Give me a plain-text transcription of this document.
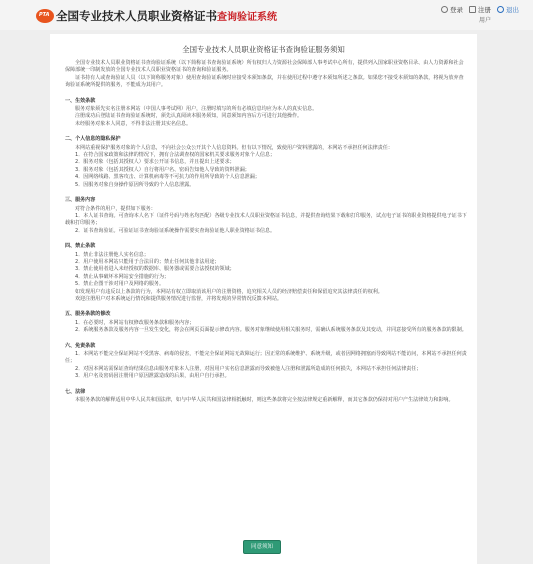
PTA 全国专业技术人员职业资格证书查询验证系统
登录 注册 退出
用户
全国专业技术人员职业资格证书查询验证服务须知

全国专业技术人员职业资格证书查询验证系统（以下简称证书查询验证系统）所有权归人力资源社会保障部人事考试中心所有，提供列入国家职业资格目录、由人力资源和社会保障部统一印制发放的全国专业技术人员职业资格证书的查询和验证服务。

证书持有人或查询验证人员（以下简称服务对象）使用查询验证系统时应接受本须知条款，并在使用过程中遵守本须知所述之条款。如果您不接受本须知的条款，将视为放弃查询验证系统所提供的服务，不能成为其用户。

一、生效条款

服务对象须先实名注册本网站（中国人事考试网）用户，注册时填写的所有必填信息均应为本人的真实信息。

注册成功后登陆证书查询验证系统时，须先认真阅读本服务须知，同意须知内容后方可进行其他操作。

未经服务对象本人同意，不得非法注册其实名信息。

二、个人信息的隐私保护

本网站重视保护服务对象的个人信息，不向社会公众公开其个人信息资料。但有以下情况，致使用户资料泄露的，本网站不承担任何法律责任：

1．在符合国家政策和法律的情况下，拥有合法调查权的国家机关要求服务对象个人信息；

2．服务对象（包括其授权人）要求公开证书信息，并且提出上述要求；

3．服务对象（包括其授权人）自行将用户名、密码告知他人导致的资料泄漏；

4．因网络线路、黑客攻击、计算机病毒等不可抗力的作用所导致的个人信息泄漏；

5．因服务对象自身操作原因所导致的个人信息泄露。

三、服务内容

对符合条件的用户，提供如下服务：

1．本人证书查询。可查询本人名下（证件号码与姓名均匹配）各级专业技术人员职业资格证书信息，并提供查询结果下载和打印服务，试点电子证书的职业资格提供电子证书下载和打印服务；

2．证书查询验证。可验证证书查询验证系统操作需要实查询验证他人职业资格证书信息。

四、禁止条款

1．禁止非法注册他人实名信息；

2．用户使用本网站只能用于合法目的；禁止任何其他非法用途；

3．禁止使用者进入未经授权的数据库、服务器或需要合法授权的领域；

4．禁止从事破坏本网站安全措施的行为；

5．禁止企图干涉对用户及网络的服务。

如发现用户有违反以上条款的行为，本网站有权立即取消该用户的注册资格，追究相关人员的经济赔偿责任和保留追究其法律责任的权利。

欢迎注册用户对本系统运行情况和提供服务情况进行监督，并将发现的异常情况反馈本网站。

五、服务条款的修改

1．在必要时，本网站有权修改服务条款和服务内容；

2．系统服务条款及服务内容一旦发生变化，将会在网页页面提示修改内容。服务对象继续使用相关服务时，需确认系统服务条款及其变动，并同意接受所有的服务条款的限制。

六、免责条款

1．本网站不能完全保证网站不受黑客、病毒的侵害，不能完全保证网站无故障运行；因正常的系统维护、系统升级，或者因网络拥塞而导致网站不能访问，本网站不承担任何责任；

2．对因本网站需保证查询结果信息由服务对象本人注册，对因用户实名信息泄露而导致被他人注册和泄露所造成的任何损失，本网站不承担任何法律责任；

3．用户名及密码因注册用户原因泄露造成的后果，由用户自行承担。

七、法律

本服务条款的解释适用中华人民共和国法律，如与中华人民共和国法律相抵触时，则这些条款将完全按法律规定重新解释，而其它条款仍保持对用户产生法律效力和影响。

同意须知
